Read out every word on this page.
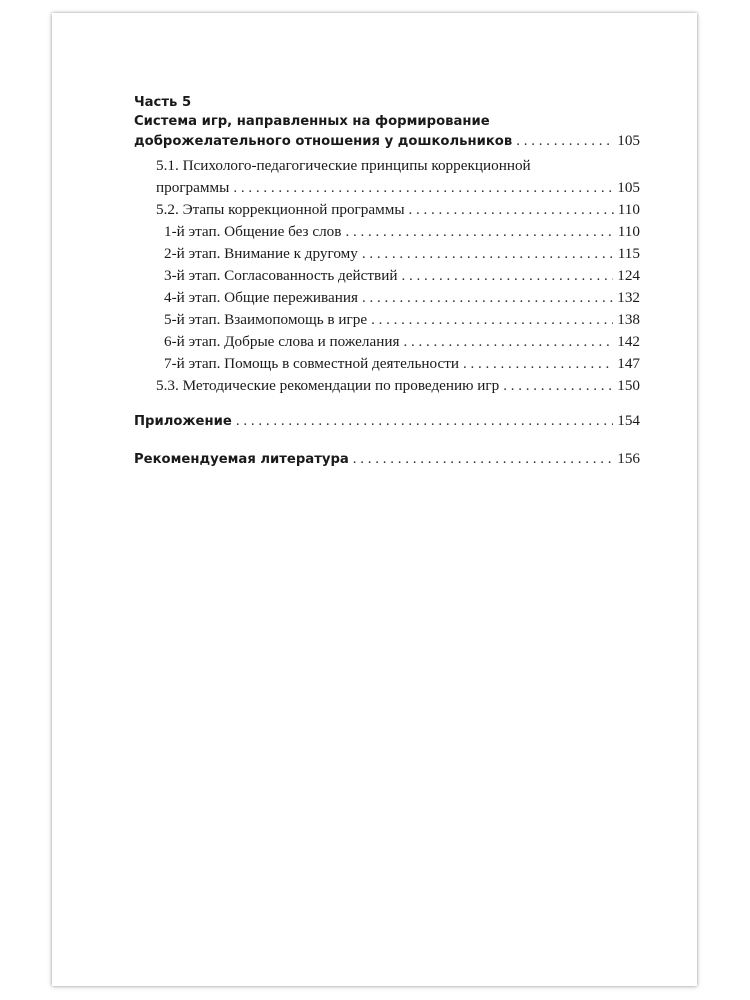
Часть 5
Система игр, направленных на формирование
доброжелательного отношения у дошкольников . . .	105
5.1. Психолого-педагогические принципы коррекционной
программы . . .	105
5.2. Этапы коррекционной программы . . .	110
1-й этап. Общение без слов . . .	110
2-й этап. Внимание к другому . . .	115
3-й этап. Согласованность действий . . .	124
4-й этап. Общие переживания . . .	132
5-й этап. Взаимопомощь в игре . . .	138
6-й этап. Добрые слова и пожелания . . .	142
7-й этап. Помощь в совместной деятельности . . .	147
5.3. Методические рекомендации по проведению игр . . .	150
Приложение . . .	154
Рекомендуемая литература . . .	156
